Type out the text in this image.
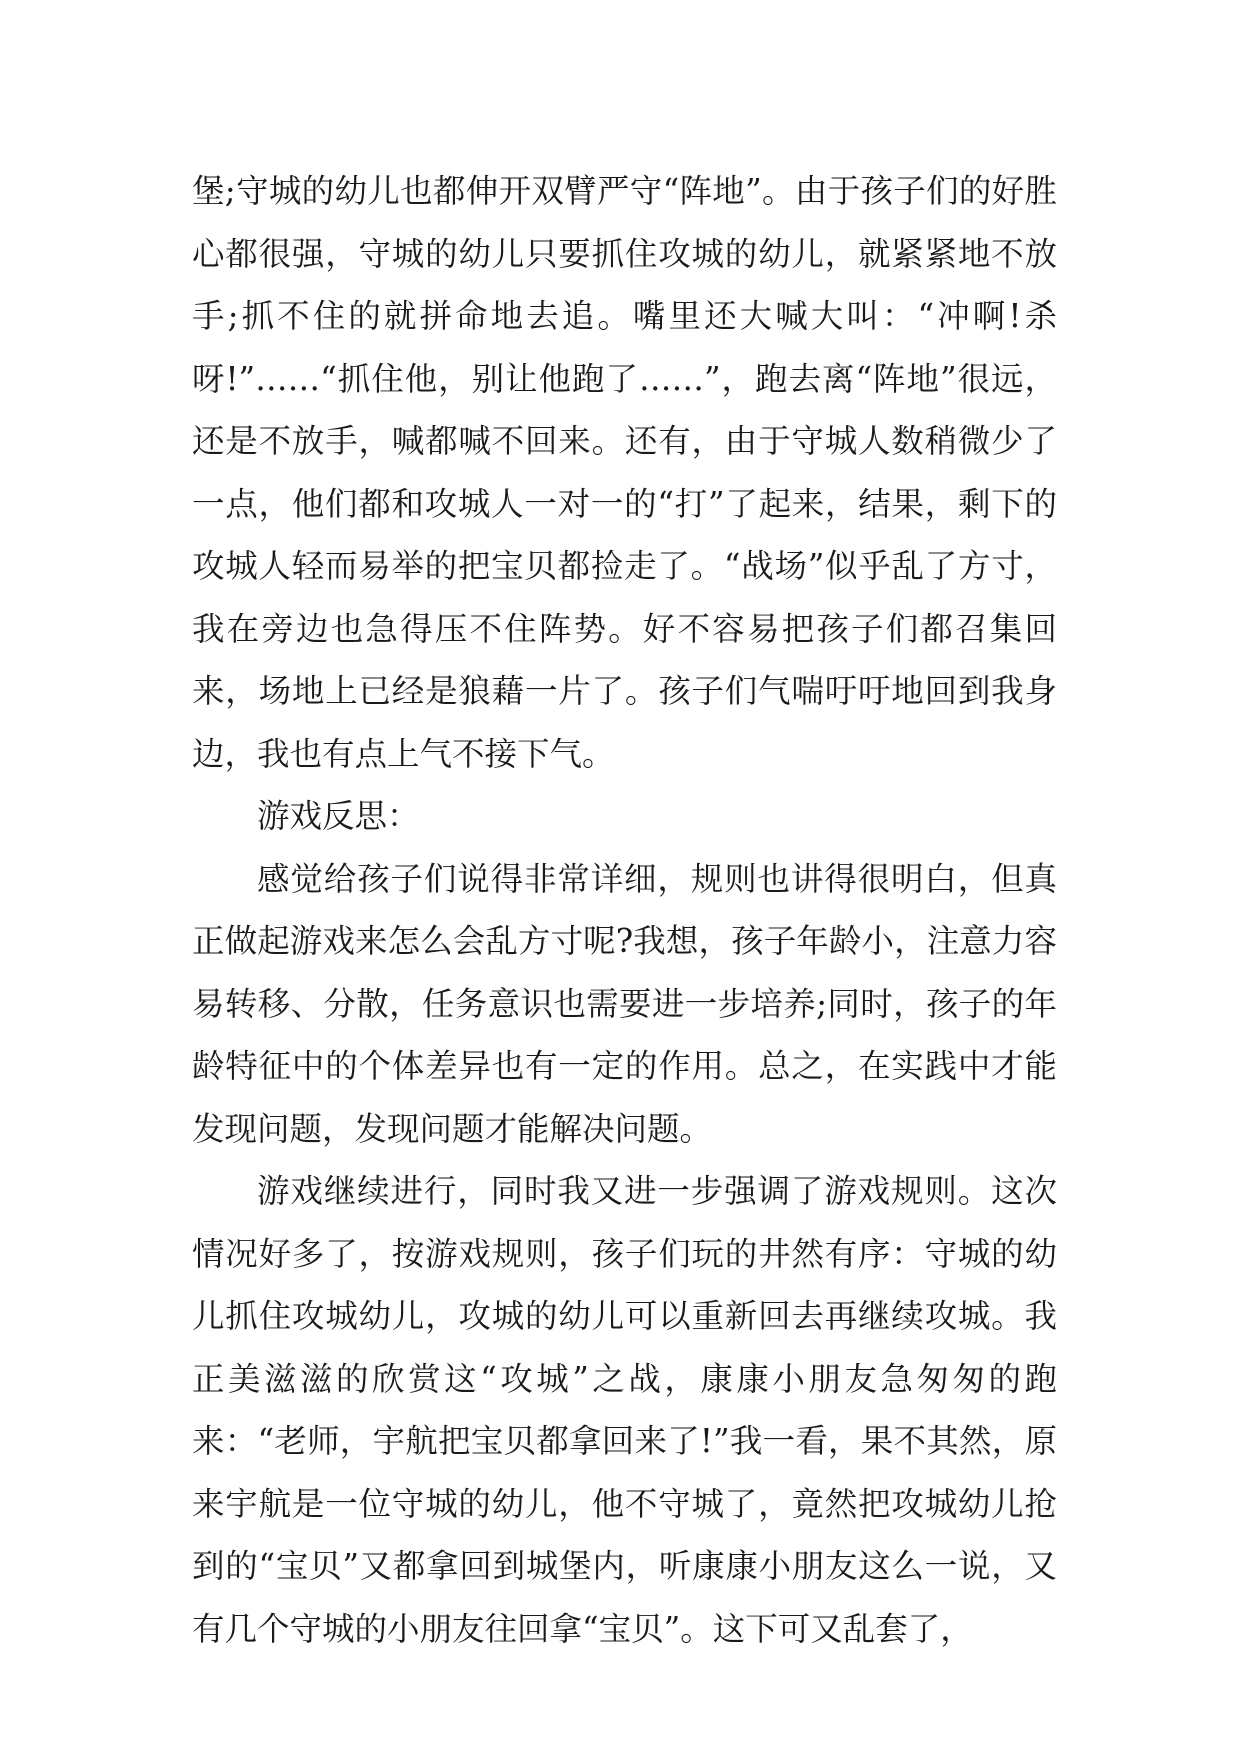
堡;守城的幼儿也都伸开双臂严守“阵地”。由于孩子们的好胜心都很强，守城的幼儿只要抓住攻城的幼儿，就紧紧地不放手;抓不住的就拼命地去追。嘴里还大喊大叫：“冲啊!杀呀!”……“抓住他，别让他跑了……”，跑去离“阵地”很远，还是不放手，喊都喊不回来。还有，由于守城人数稍微少了一点，他们都和攻城人一对一的“打”了起来，结果，剩下的攻城人轻而易举的把宝贝都捡走了。“战场”似乎乱了方寸，我在旁边也急得压不住阵势。好不容易把孩子们都召集回来，场地上已经是狼藉一片了。孩子们气喘吁吁地回到我身边，我也有点上气不接下气。

游戏反思：

感觉给孩子们说得非常详细，规则也讲得很明白，但真正做起游戏来怎么会乱方寸呢?我想，孩子年龄小，注意力容易转移、分散，任务意识也需要进一步培养;同时，孩子的年龄特征中的个体差异也有一定的作用。总之，在实践中才能发现问题，发现问题才能解决问题。

游戏继续进行，同时我又进一步强调了游戏规则。这次情况好多了，按游戏规则，孩子们玩的井然有序：守城的幼儿抓住攻城幼儿，攻城的幼儿可以重新回去再继续攻城。我正美滋滋的欣赏这“攻城”之战，康康小朋友急匆匆的跑来：“老师，宇航把宝贝都拿回来了!”我一看，果不其然，原来宇航是一位守城的幼儿，他不守城了，竟然把攻城幼儿抢到的“宝贝”又都拿回到城堡内，听康康小朋友这么一说，又有几个守城的小朋友往回拿“宝贝”。这下可又乱套了，
